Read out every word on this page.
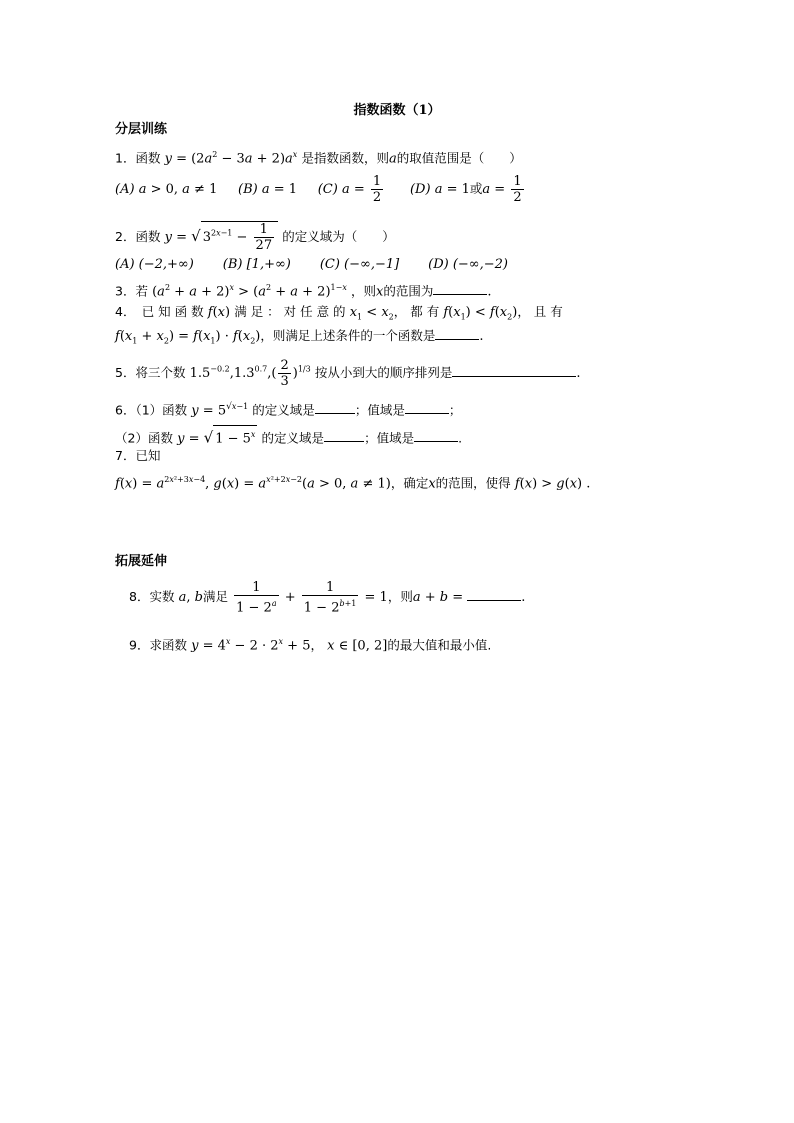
指数函数（1）
分层训练
1．函数 $y = (2a^2 - 3a + 2)a^x$ 是指数函数，则a的取值范围是（　　）
(A) a > 0, a ≠ 1     (B) a = 1     (C) $a = \frac{1}{2} (D) a = 1$或$a = \frac{1}{2}$
2．函数 y = √ $3^{2x-1} - \frac{1}{27}$ 的定义域为（　　）
(A) (−2,+∞) (B) [1,+∞) (C) (−∞,−1] (D) (−∞,−2)
3．若 $(a^2 + a + 2)^x > (a^2 + a + 2)^{1-x}$ ，则x的范围为	.
4．　已 知 函 数 f(x) 满 足 ： 对 任 意 的 $x_1 < x_2$， 都 有 $f(x_1) < f(x_2)$， 且 有
$f(x_1 + x_2) = f(x_1) \cdot f(x_2)$，则满足上述条件的一个函数是	.
5．将三个数 $1.5^{-0.2},1.3^{0.7},( \frac{2}{3} )^{1/3}$ 按从小到大的顺序排列是	.
6．（1）函数 $y = 5^{√x-1}$ 的定义域是	；值域是	；
（2）函数 y = √ $1 - 5^x$ 的定义域是	；值域是	.
7．已知
$f(x) = a^{2x^2+3x-4}$, $g(x) = a^{x^2+2x-2}(a > 0$, a ≠ 1)，确定x的范围，使得 f(x) > g(x) .
拓展延伸
8．实数 a, b满足 $\frac{1}{1 - 2^a} + \frac{1}{1 - 2^{b+1}} = 1$，则a + b =	.
9．求函数 $y = 4^x - 2 \cdot 2^x + 5$， x ∈ [0, 2]的最大值和最小值.
